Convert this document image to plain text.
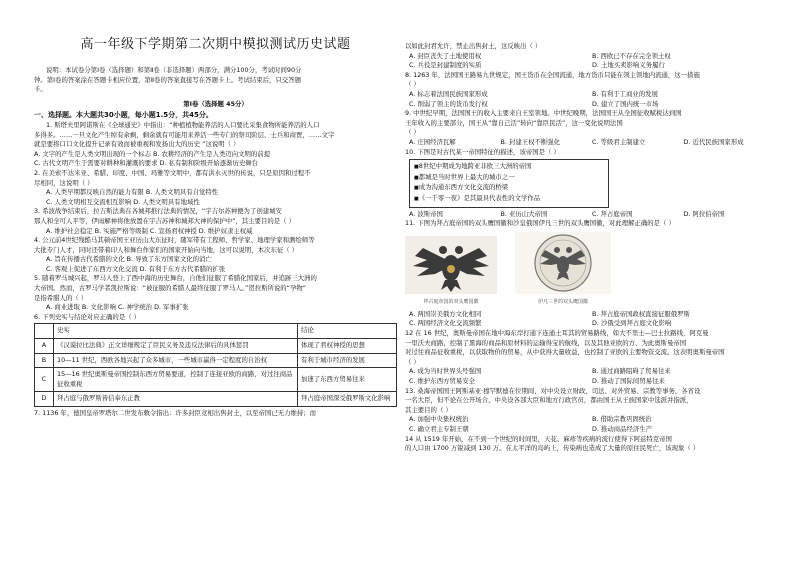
高一年级下学期第二次期中模拟测试历史试题

说明：本试卷分第Ⅰ卷（选择题）和第Ⅱ卷（非选择题）两部分，满分100分，考试时间90分

钟。第Ⅰ卷的答案涂在答题卡相应位置，第Ⅱ卷的答案直接写在答题卡上。考试结束后，只交答题

卡。

第Ⅰ卷（选择题 45分）

一、选择题。本大题共30小题，每小题1.5分，共45分。

1. 斯塔夫里阿诺斯在《全球通史》中指出：“种植植物能养活的人口要比采集食物所能养活的人口

多得多。……一旦文化产生绰有余剩，剩余就有可能用来养活一些专门的祭司阶层、士兵和商贾，……文字

就是要将口口文化提升记录有效而被重视和发扬出大的历史 ”这说明（ ）

A. 文字的产生是人类文明出现的一个标志 B. 农耕经济的产生是人类迈向文明的前提

C. 古代文明产生于需要对耕种和灌溉的要求 D. 私有制和阶级开始逐渐历史舞台

2. 在美索不达米亚、希腊、印度、中国、玛雅等文明中，都有洪水灭世的传说，只是原因和过程不

尽相同，这说明（ ）

A. 人类早期都反映自然的能力有限 B. 人类文明具有自觉特性

C. 人类文明相互交流相互影响 D. 人类文明具有地域性

3. 希波战争结束后，拉吉斯法典在各城邦推行法典的情况，“宇吉尔苏神便为了创建城安

那人和全可人平等，伊雨解神将他放置在宇吉苏神和城邦大神的保护中”，其主要目的是（ ）

A. 维护社会稳定 B. 实施严格等级制 C. 宣扬君权神授 D. 维护奴隶主权威

4. 公元前4世纪残酷马其顿帝国王亚历山大东征时，随军带有工程师、哲学家、地理学家和测绘师等

大批专门人才，同时还带着印人和舞台作家们的国家开始向当地，这可以说明，本次东征（ ）

A. 旨在传播古代希腊的文化 B. 导致了东方国家文化的消亡

C. 客观上促进了东西方文化交流 D. 有利于东方古代希腊的扩张

5. 随着罗马城兴起，罗马人登上了西中海的历史舞台，自他们征服了希腊化国家后，并追跡三大洲的

大帝国。然而，古罗马学者凯拉斯说：“被征服的希腊人最终征服了罗马人。”贺拉斯所说的“孕物”

是指希腊人的（ ）

A. 商业进取 B. 文化影响 C. 神学统治 D. 军事扩张

6. 下列史实与结论对应正确的是（ ）

	史实	结论
A	《汉谟拉比法典》正文详细规定了臣民义务及违反法律后的具体惩罚	体现了君权神授的思想
B	10—11 世纪，西欧各地兴起了众多城市，一些城市赢得一定程度的自治权	有利于城市经济的发展
C	15—16 世纪奥斯曼帝国控制东西方贸易要道，控制了连接亚欧的商路，对过往商品征收重税	加速了东西方贸易往来
D	拜占庭与俄罗斯皆信奉东正教	拜占庭帝国深受俄罗斯文化影响

7. 1136 年，德国皇帝罗塔尔二世发布敕令指出：许多封臣竞相出售封土，以至帝国已无力维持；而

以如此封君允许，禁止出售封土，这反映出（ ）

A. 封臣丧失了土地使用权	B. 西欧已不存在完全领土权
C. 兵役是封建制度的实质	D. 土地买卖影响义务履行

8. 1263 年，法国国王路易九世规定，国王货币在全国流通，地方货币只能在领主领地内流通，这一措施

（ ）

A. 标志着法国民族国家形成	B. 有利于工商业的发展
C. 削弱了领主的货币发行权	D. 建立了国内统一市场

9. 中世纪早期，法国国王的收入主要来自王室领地。中世纪晚期，法国国王从全国征收赋税达到国

王年收入的主要部分，国王从“靠自己活”转向“靠臣民活”，这一变化说明法国

（ ）

A. 庄园经济瓦解	B. 封建王权不断强化	C. 等级君主制建立	D. 近代民族国家形成

10. 下图是对古代某一帝国特征的描述，该帝国是（ ）

■ 8世纪中期成为地跨亚非欧三大洲的帝国
■ 都城是当时世界上最大的城市之一
■ 成为沟通东西方文化交流的桥梁
■ 《一千零一夜》是其最具代表性的文学作品
A. 波斯帝国	B. 亚历山大帝国	C. 拜占庭帝国	D. 阿拉伯帝国

11. 下图为拜占庭帝国的双头鹰国徽和沙皇俄国伊凡三世的双头鹰国徽，对此理解正确的是（ ）

拜占庭帝国的双头鹰国徽	伊凡三世的双头鹰国徽
A. 两国崇美俄方文化相同	B. 拜占庭帝国政权直接征服俄罗斯
C. 两国经济文化交流频繁	D. 沙俄受到拜占庭文化影响

12 在 16 世纪，奥斯曼帝国在地中海东岸打通下连通土耳其的贸易路线，如大不里士—巴士拉路线，阿克曼

一里沃夫商路，控制了黑海的商品和原材料的运输得宝的航线，以及其他亚欧的方、为此奥斯曼帝国

对过往商品征收重税，以获取物价的贸易，从中获得大量收益，也控制了亚欧的主要物资交流。这表明奥斯曼帝国

（ ）

A. 成为当时世界头号强国	B. 通过商路阻碍了贸易往来
C. 维护东西方贸易安全	D. 推动了国际间贸易往来

13. 桑海帝国国王阿斯基亚·穆罕默德在位期间，对中央设立财政、司法、对外贸易、宗教等事务，各省设

一名大臣，但不论在公开场合，中央设各部大臣和地方行政官员，都由国王从王族国家中选派并指派，

其主要目的（ ）

A. 加强中央集权统治	B. 借助宗教巩固统治
C. 确立君主专制王朝	D. 推动商品经济生产

14 从 1519 年开始，在不到一个世纪的时间里，天花、麻疹等疾病的流行使得下阿兹特克帝国

的人口由 1700 万锐减到 130 万。在太平洋的岛屿上，传染病也造成了大量的原住民死亡，该现象（ ）
